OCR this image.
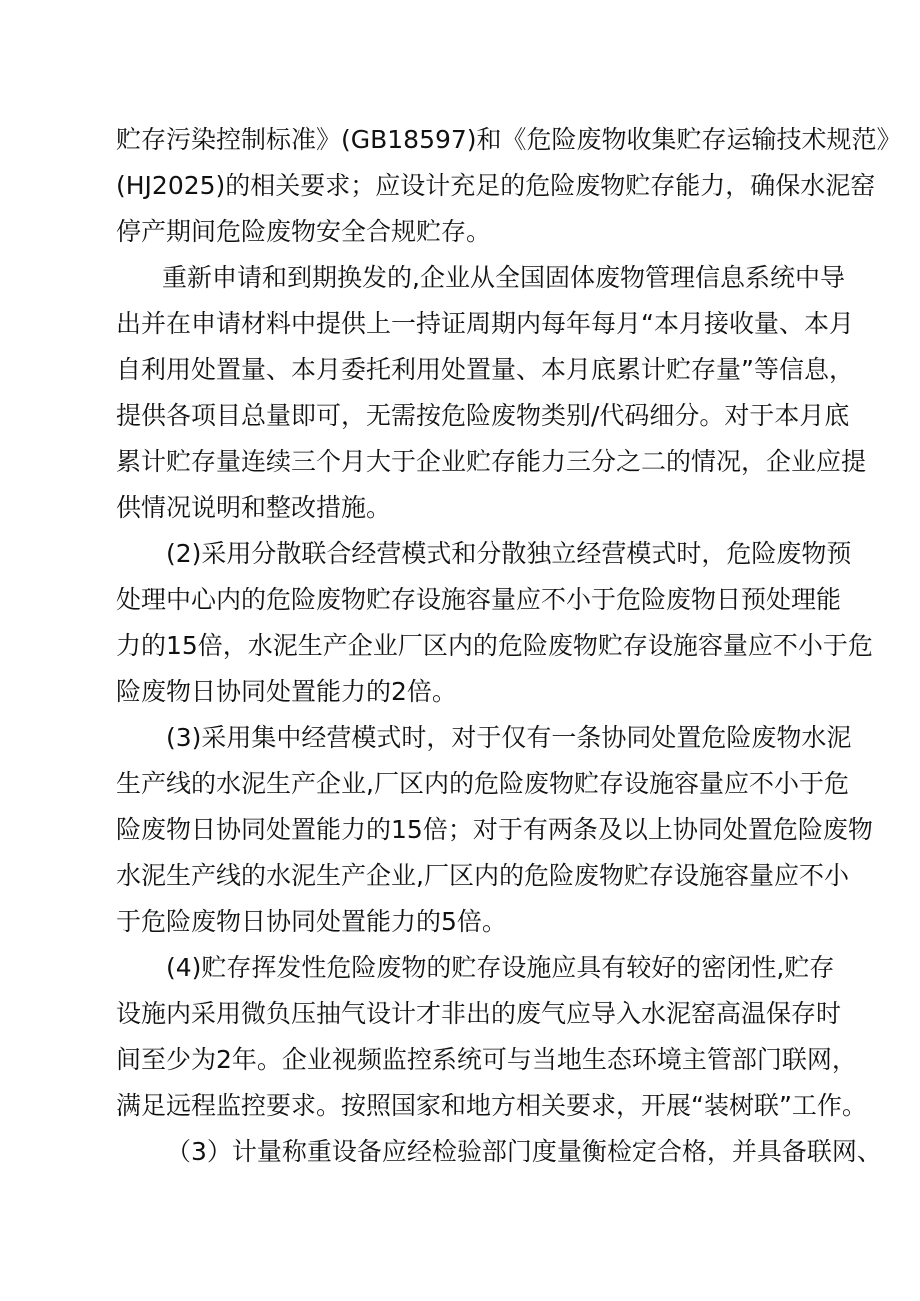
贮存污染控制标准》(GB18597)和《危险废物收集贮存运输技术规范》
(HJ2025)的相关要求；应设计充足的危险废物贮存能力，确保水泥窑
停产期间危险废物安全合规贮存。
重新申请和到期换发的,企业从全国固体废物管理信息系统中导
出并在申请材料中提供上一持证周期内每年每月“本月接收量、本月
自利用处置量、本月委托利用处置量、本月底累计贮存量”等信息，
提供各项目总量即可，无需按危险废物类别/代码细分。对于本月底
累计贮存量连续三个月大于企业贮存能力三分之二的情况，企业应提
供情况说明和整改措施。
(2)采用分散联合经营模式和分散独立经营模式时，危险废物预
处理中心内的危险废物贮存设施容量应不小于危险废物日预处理能
力的15倍，水泥生产企业厂区内的危险废物贮存设施容量应不小于危
险废物日协同处置能力的2倍。
(3)采用集中经营模式时，对于仅有一条协同处置危险废物水泥
生产线的水泥生产企业,厂区内的危险废物贮存设施容量应不小于危
险废物日协同处置能力的15倍；对于有两条及以上协同处置危险废物
水泥生产线的水泥生产企业,厂区内的危险废物贮存设施容量应不小
于危险废物日协同处置能力的5倍。
(4)贮存挥发性危险废物的贮存设施应具有较好的密闭性,贮存
设施内采用微负压抽气设计才非出的废气应导入水泥窑高温保存时
间至少为2年。企业视频监控系统可与当地生态环境主管部门联网，
满足远程监控要求。按照国家和地方相关要求，开展“装树联”工作。
（3）计量称重设备应经检验部门度量衡检定合格，并具备联网、
